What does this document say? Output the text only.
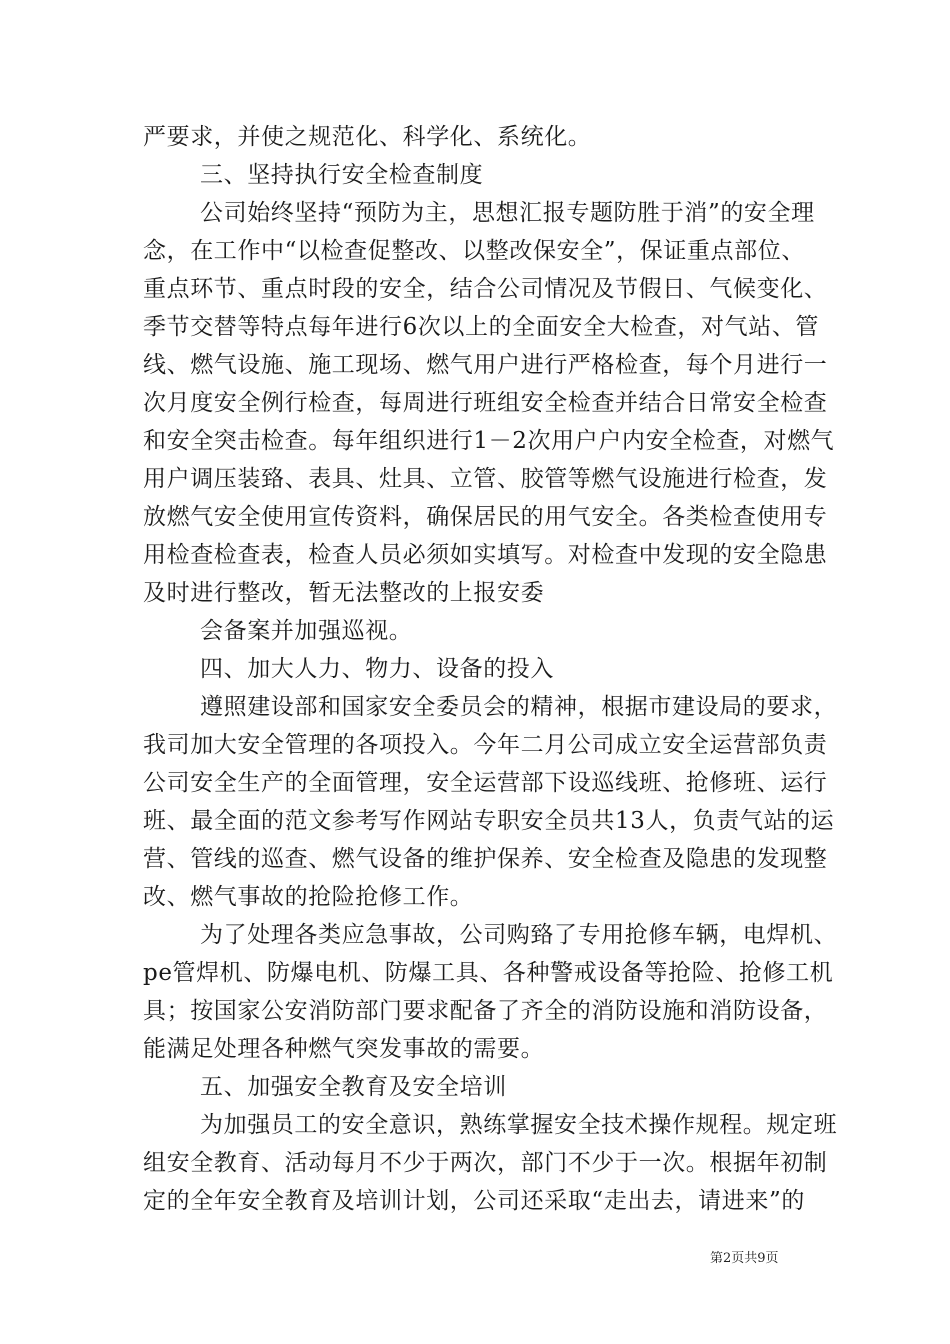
严要求，并使之规范化、科学化、系统化。
三、坚持执行安全检查制度
公司始终坚持“预防为主，思想汇报专题防胜于消”的安全理
念，在工作中“以检查促整改、以整改保安全”，保证重点部位、
重点环节、重点时段的安全，结合公司情况及节假日、气候变化、
季节交替等特点每年进行6次以上的全面安全大检查，对气站、管
线、燃气设施、施工现场、燃气用户进行严格检查，每个月进行一
次月度安全例行检查，每周进行班组安全检查并结合日常安全检查
和安全突击检查。每年组织进行1－2次用户户内安全检查，对燃气
用户调压装臵、表具、灶具、立管、胶管等燃气设施进行检查，发
放燃气安全使用宣传资料，确保居民的用气安全。各类检查使用专
用检查检查表，检查人员必须如实填写。对检查中发现的安全隐患
及时进行整改，暂无法整改的上报安委
会备案并加强巡视。
四、加大人力、物力、设备的投入
遵照建设部和国家安全委员会的精神，根据市建设局的要求，
我司加大安全管理的各项投入。今年二月公司成立安全运营部负责
公司安全生产的全面管理，安全运营部下设巡线班、抢修班、运行
班、最全面的范文参考写作网站专职安全员共13人，负责气站的运
营、管线的巡查、燃气设备的维护保养、安全检查及隐患的发现整
改、燃气事故的抢险抢修工作。
为了处理各类应急事故，公司购臵了专用抢修车辆，电焊机、
pe管焊机、防爆电机、防爆工具、各种警戒设备等抢险、抢修工机
具；按国家公安消防部门要求配备了齐全的消防设施和消防设备，
能满足处理各种燃气突发事故的需要。
五、加强安全教育及安全培训
为加强员工的安全意识，熟练掌握安全技术操作规程。规定班
组安全教育、活动每月不少于两次，部门不少于一次。根据年初制
定的全年安全教育及培训计划，公司还采取“走出去，请进来”的
第2页共9页
